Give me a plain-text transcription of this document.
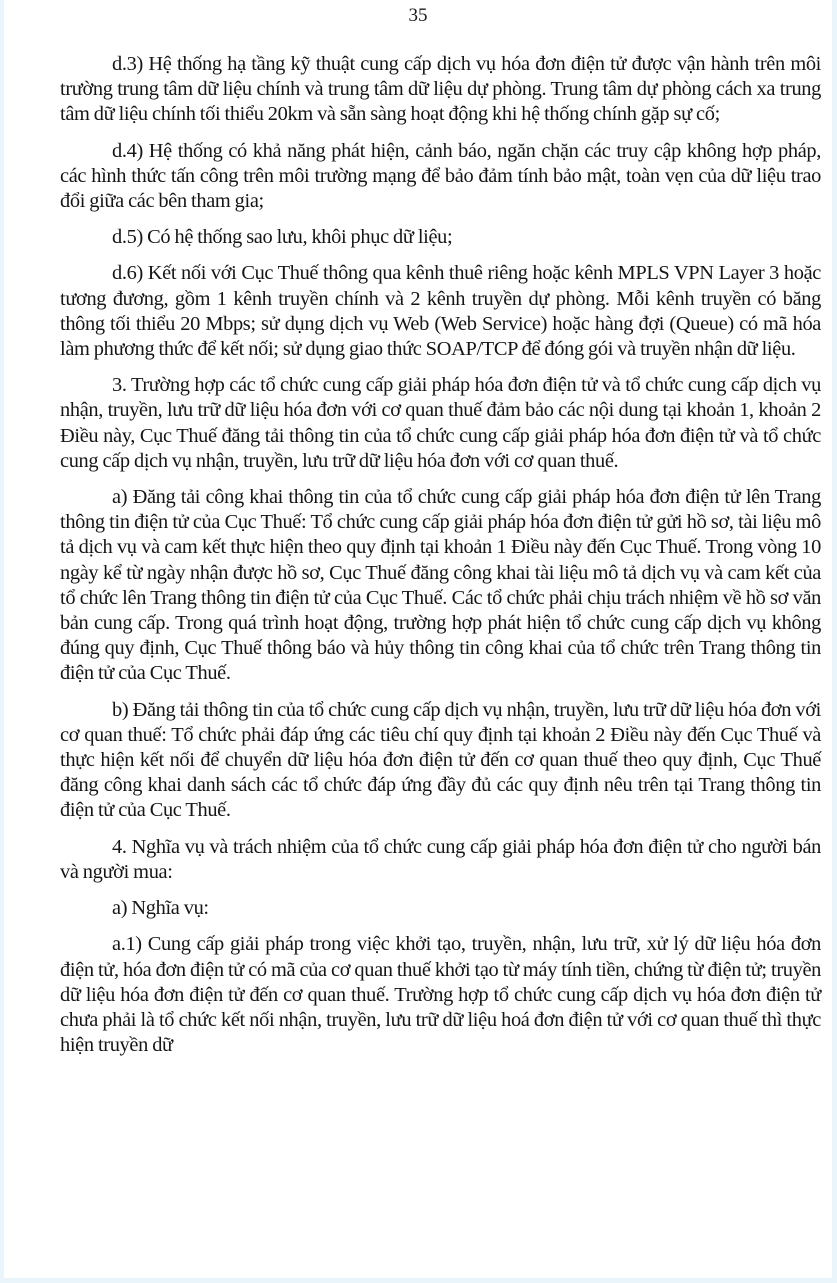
35

d.3) Hệ thống hạ tầng kỹ thuật cung cấp dịch vụ hóa đơn điện tử được vận hành trên môi trường trung tâm dữ liệu chính và trung tâm dữ liệu dự phòng. Trung tâm dự phòng cách xa trung tâm dữ liệu chính tối thiểu 20km và sẵn sàng hoạt động khi hệ thống chính gặp sự cố;

d.4) Hệ thống có khả năng phát hiện, cảnh báo, ngăn chặn các truy cập không hợp pháp, các hình thức tấn công trên môi trường mạng để bảo đảm tính bảo mật, toàn vẹn của dữ liệu trao đổi giữa các bên tham gia;

d.5) Có hệ thống sao lưu, khôi phục dữ liệu;

d.6) Kết nối với Cục Thuế thông qua kênh thuê riêng hoặc kênh MPLS VPN Layer 3 hoặc tương đương, gồm 1 kênh truyền chính và 2 kênh truyền dự phòng. Mỗi kênh truyền có băng thông tối thiểu 20 Mbps; sử dụng dịch vụ Web (Web Service) hoặc hàng đợi (Queue) có mã hóa làm phương thức để kết nối; sử dụng giao thức SOAP/TCP để đóng gói và truyền nhận dữ liệu.

3. Trường hợp các tổ chức cung cấp giải pháp hóa đơn điện tử và tổ chức cung cấp dịch vụ nhận, truyền, lưu trữ dữ liệu hóa đơn với cơ quan thuế đảm bảo các nội dung tại khoản 1, khoản 2 Điều này, Cục Thuế đăng tải thông tin của tổ chức cung cấp giải pháp hóa đơn điện tử và tổ chức cung cấp dịch vụ nhận, truyền, lưu trữ dữ liệu hóa đơn với cơ quan thuế.

a) Đăng tải công khai thông tin của tổ chức cung cấp giải pháp hóa đơn điện tử lên Trang thông tin điện tử của Cục Thuế: Tổ chức cung cấp giải pháp hóa đơn điện tử gửi hồ sơ, tài liệu mô tả dịch vụ và cam kết thực hiện theo quy định tại khoản 1 Điều này đến Cục Thuế. Trong vòng 10 ngày kể từ ngày nhận được hồ sơ, Cục Thuế đăng công khai tài liệu mô tả dịch vụ và cam kết của tổ chức lên Trang thông tin điện tử của Cục Thuế. Các tổ chức phải chịu trách nhiệm về hồ sơ văn bản cung cấp. Trong quá trình hoạt động, trường hợp phát hiện tổ chức cung cấp dịch vụ không đúng quy định, Cục Thuế thông báo và hủy thông tin công khai của tổ chức trên Trang thông tin điện tử của Cục Thuế.

b) Đăng tải thông tin của tổ chức cung cấp dịch vụ nhận, truyền, lưu trữ dữ liệu hóa đơn với cơ quan thuế: Tổ chức phải đáp ứng các tiêu chí quy định tại khoản 2 Điều này đến Cục Thuế và thực hiện kết nối để chuyển dữ liệu hóa đơn điện tử đến cơ quan thuế theo quy định, Cục Thuế đăng công khai danh sách các tổ chức đáp ứng đầy đủ các quy định nêu trên tại Trang thông tin điện tử của Cục Thuế.

4. Nghĩa vụ và trách nhiệm của tổ chức cung cấp giải pháp hóa đơn điện tử cho người bán và người mua:

a) Nghĩa vụ:

a.1) Cung cấp giải pháp trong việc khởi tạo, truyền, nhận, lưu trữ, xử lý dữ liệu hóa đơn điện tử, hóa đơn điện tử có mã của cơ quan thuế khởi tạo từ máy tính tiền, chứng từ điện tử; truyền dữ liệu hóa đơn điện tử đến cơ quan thuế. Trường hợp tổ chức cung cấp dịch vụ hóa đơn điện tử chưa phải là tổ chức kết nối nhận, truyền, lưu trữ dữ liệu hoá đơn điện tử với cơ quan thuế thì thực hiện truyền dữ
